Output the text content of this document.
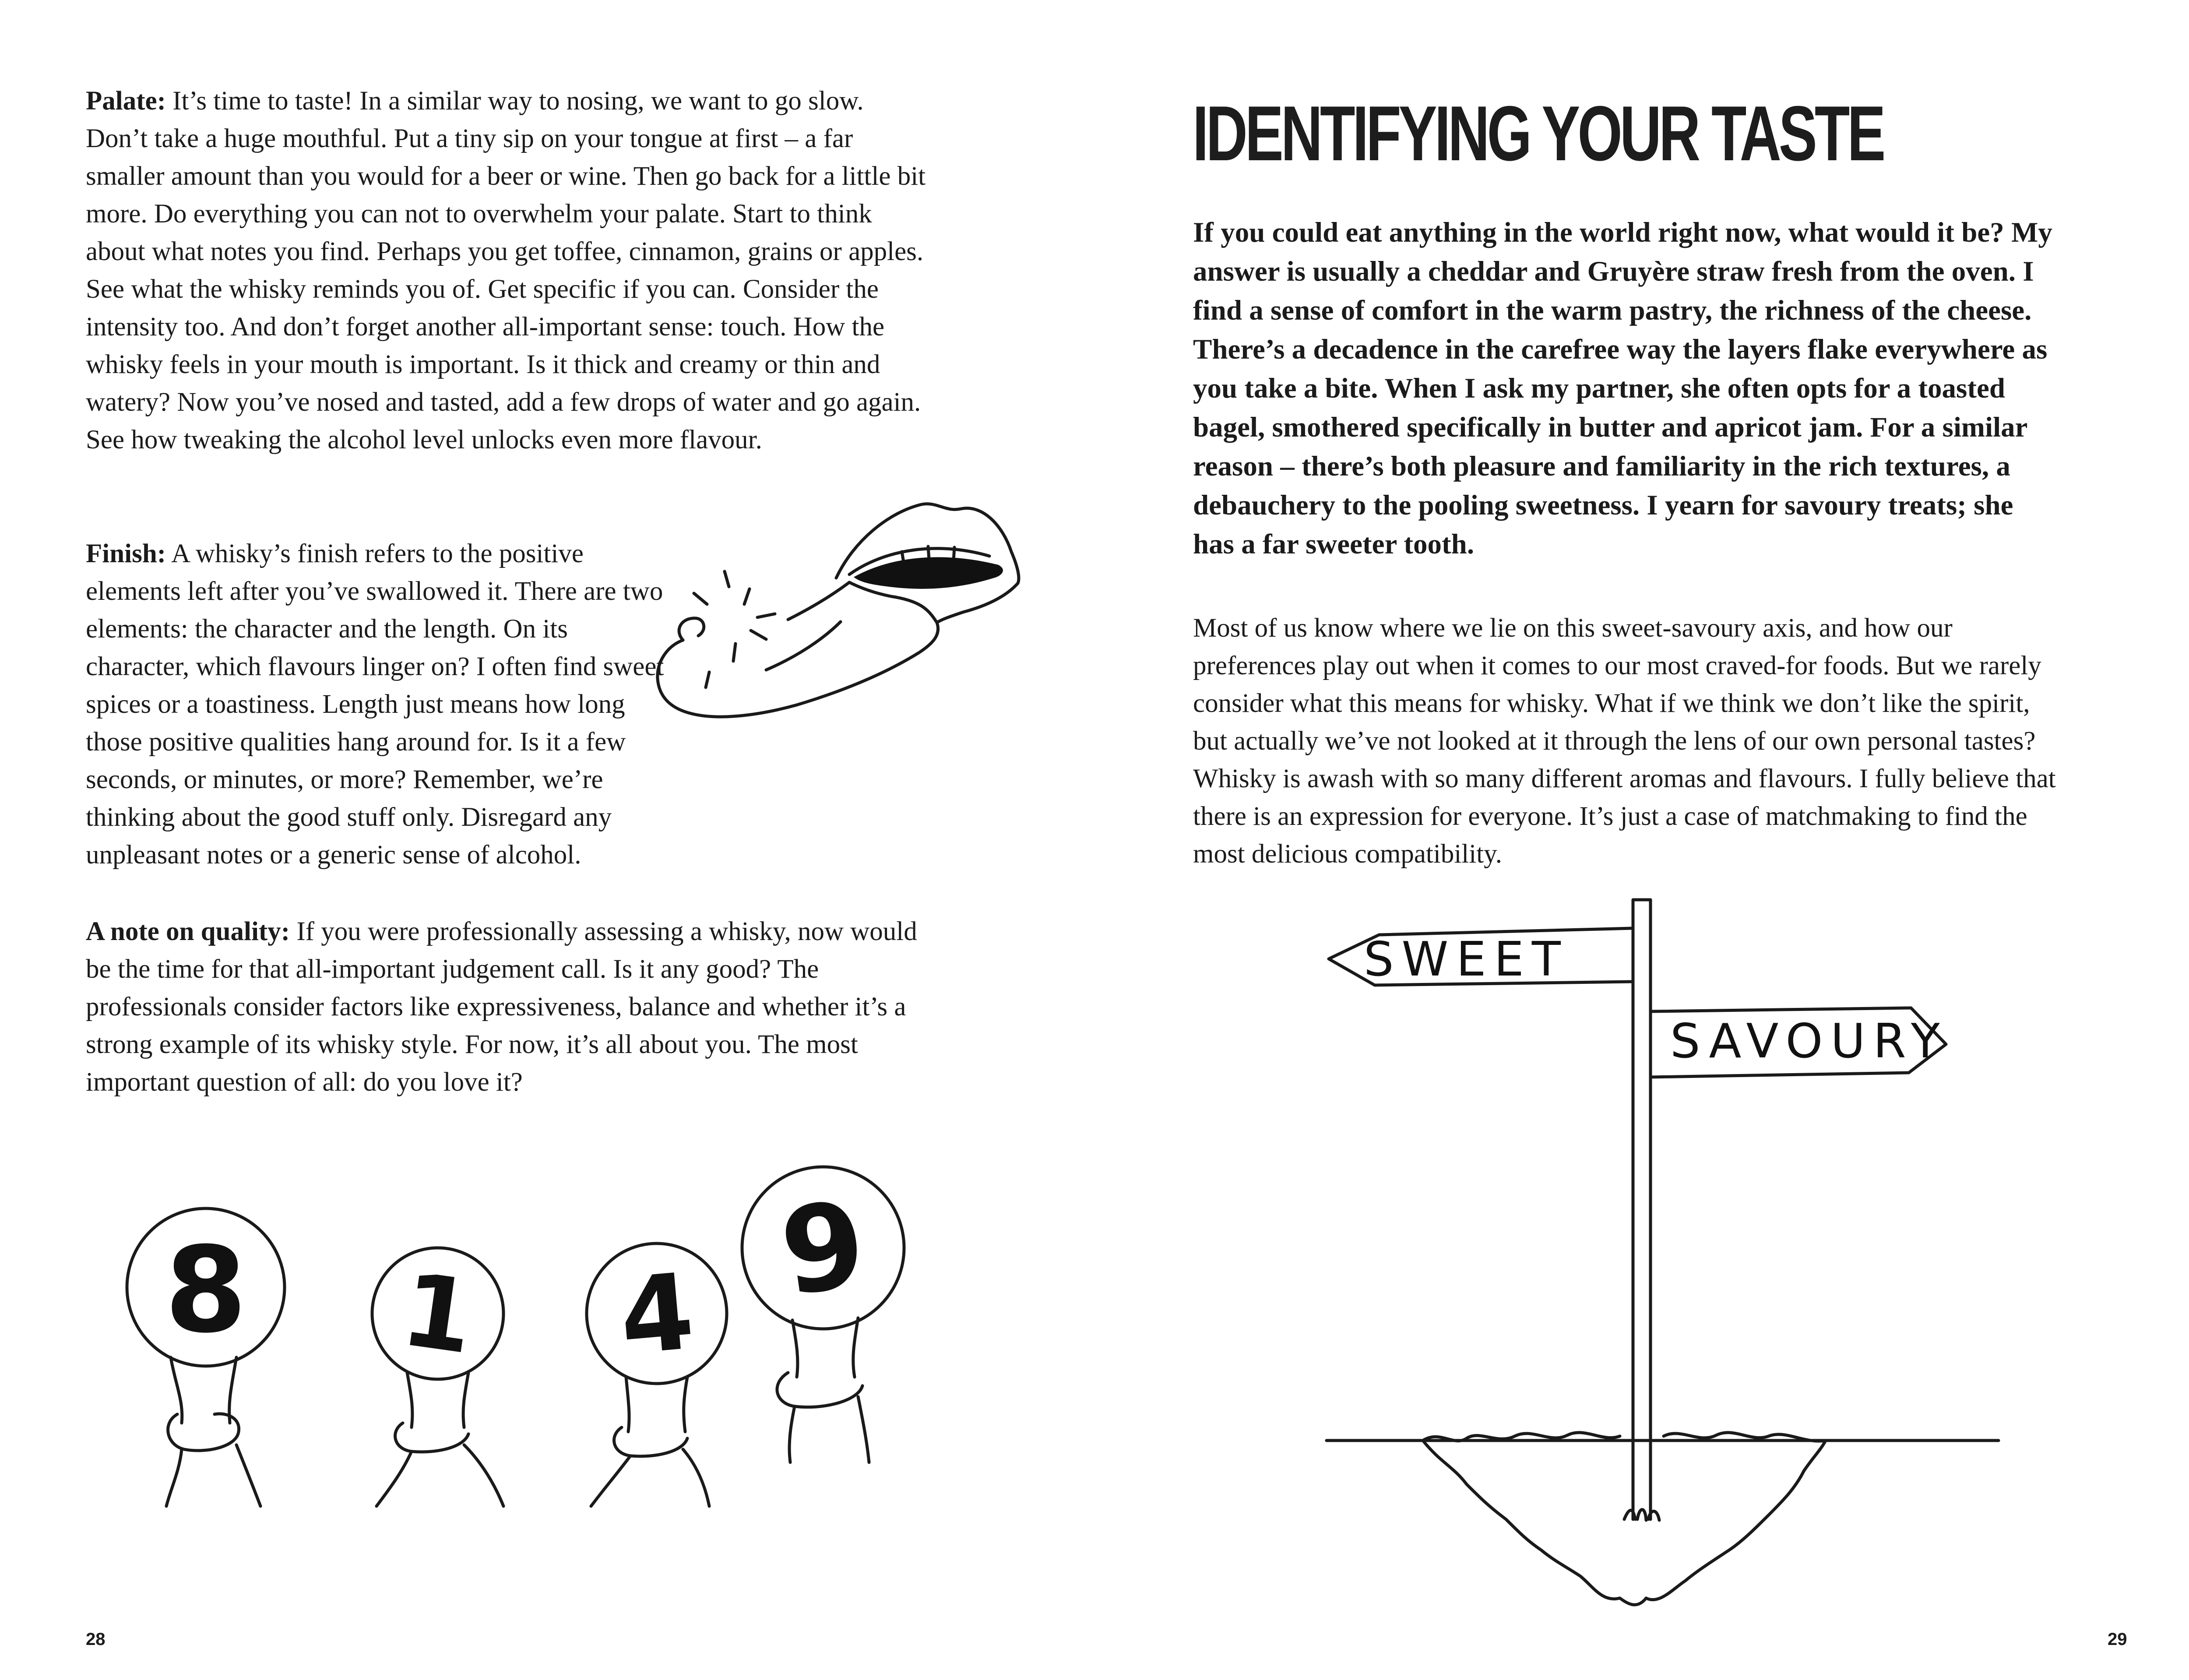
Palate: It’s time to taste! In a similar way to nosing, we want to go slow. Don’t take a huge mouthful. Put a tiny sip on your tongue at first – a far smaller amount than you would for a beer or wine. Then go back for a little bit more. Do everything you can not to overwhelm your palate. Start to think about what notes you find. Perhaps you get toffee, cinnamon, grains or apples. See what the whisky reminds you of. Get specific if you can. Consider the intensity too. And don’t forget another all-important sense: touch. How the whisky feels in your mouth is important. Is it thick and creamy or thin and watery? Now you’ve nosed and tasted, add a few drops of water and go again. See how tweaking the alcohol level unlocks even more flavour.

Finish: A whisky’s finish refers to the positive elements left after you’ve swallowed it. There are two elements: the character and the length. On its character, which flavours linger on? I often find sweet spices or a toastiness. Length just means how long those positive qualities hang around for. Is it a few seconds, or minutes, or more? Remember, we’re thinking about the good stuff only. Disregard any unpleasant notes or a generic sense of alcohol.

A note on quality: If you were professionally assessing a whisky, now would be the time for that all-important judgement call. Is it any good? The professionals consider factors like expressiveness, balance and whether it’s a strong example of its whisky style. For now, it’s all about you. The most important question of all: do you love it?

8 1 4 9

28

IDENTIFYING YOUR TASTE

If you could eat anything in the world right now, what would it be? My answer is usually a cheddar and Gruyère straw fresh from the oven. I find a sense of comfort in the warm pastry, the richness of the cheese. There’s a decadence in the carefree way the layers flake everywhere as you take a bite. When I ask my partner, she often opts for a toasted bagel, smothered specifically in butter and apricot jam. For a similar reason – there’s both pleasure and familiarity in the rich textures, a debauchery to the pooling sweetness. I yearn for savoury treats; she has a far sweeter tooth.

Most of us know where we lie on this sweet-savoury axis, and how our preferences play out when it comes to our most craved-for foods. But we rarely consider what this means for whisky. What if we think we don’t like the spirit, but actually we’ve not looked at it through the lens of our own personal tastes? Whisky is awash with so many different aromas and flavours. I fully believe that there is an expression for everyone. It’s just a case of matchmaking to find the most delicious compatibility.

SWEET
SAVOURY

29
